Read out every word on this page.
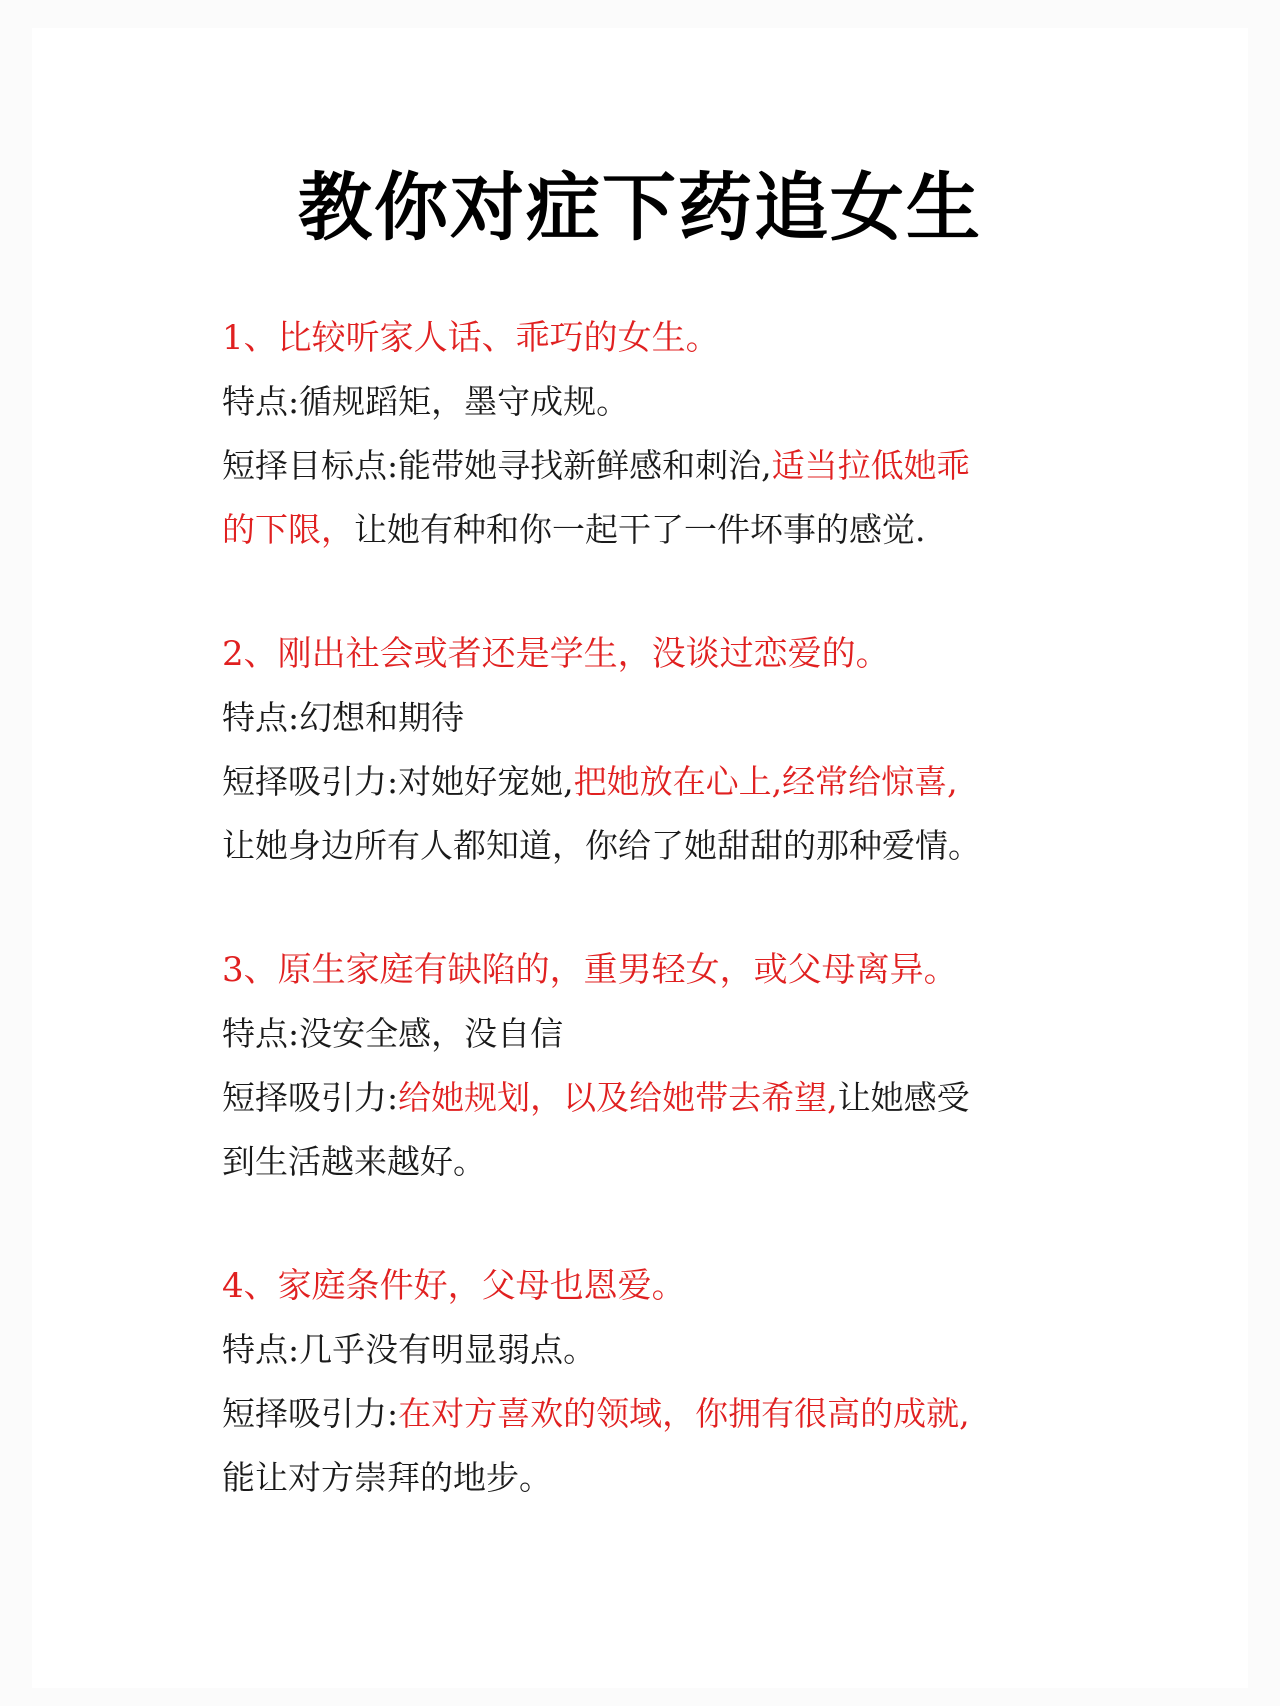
教你对症下药追女生
1、比较听家人话、乖巧的女生。
特点:循规蹈矩，墨守成规。
短择目标点:能带她寻找新鲜感和刺治,适当拉低她乖
的下限，让她有种和你一起干了一件坏事的感觉.
2、刚出社会或者还是学生，没谈过恋爱的。
特点:幻想和期待
短择吸引力:对她好宠她,把她放在心上,经常给惊喜,
让她身边所有人都知道，你给了她甜甜的那种爱情。
3、原生家庭有缺陷的，重男轻女，或父母离异。
特点:没安全感，没自信
短择吸引力:给她规划，以及给她带去希望,让她感受
到生活越来越好。
4、家庭条件好，父母也恩爱。
特点:几乎没有明显弱点。
短择吸引力:在对方喜欢的领域，你拥有很高的成就,
能让对方崇拜的地步。
